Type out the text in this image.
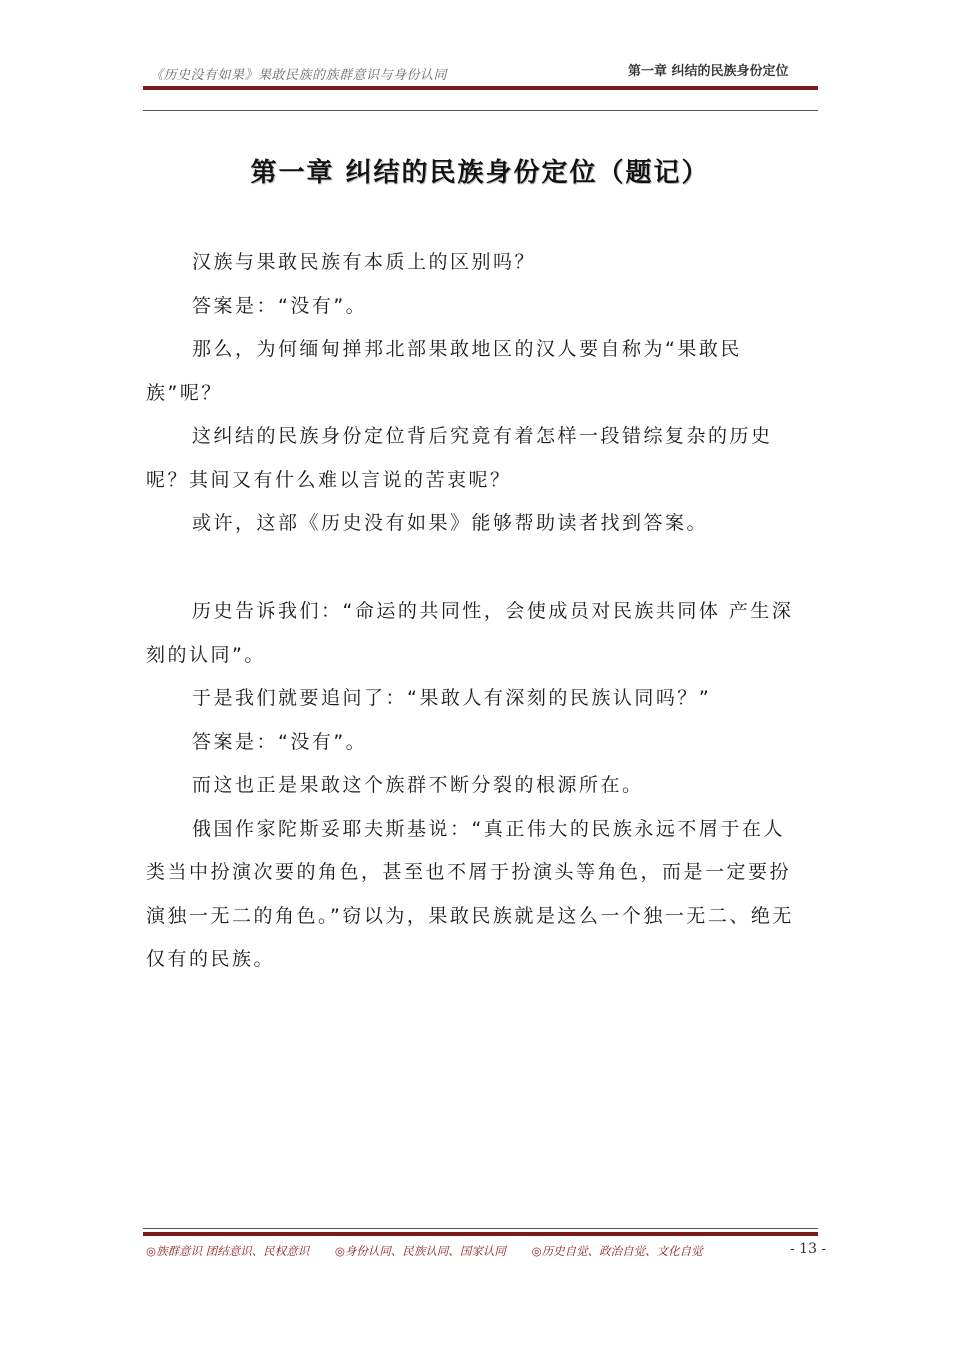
《历史没有如果》果敢民族的族群意识与身份认同	第一章 纠结的民族身份定位
第一章 纠结的民族身份定位（题记）

汉族与果敢民族有本质上的区别吗？

答案是：“没有”。

那么，为何缅甸掸邦北部果敢地区的汉人要自称为“果敢民族”呢？

这纠结的民族身份定位背后究竟有着怎样一段错综复杂的历史呢？其间又有什么难以言说的苦衷呢？

或许，这部《历史没有如果》能够帮助读者找到答案。

历史告诉我们：“命运的共同性，会使成员对民族共同体 产生深刻的认同”。

于是我们就要追问了：“果敢人有深刻的民族认同吗？”

答案是：“没有”。

而这也正是果敢这个族群不断分裂的根源所在。

俄国作家陀斯妥耶夫斯基说：“真正伟大的民族永远不屑于在人类当中扮演次要的角色，甚至也不屑于扮演头等角色，而是一定要扮演独一无二的角色。”窃以为，果敢民族就是这么一个独一无二、绝无仅有的民族。

◎族群意识 团结意识、民权意识 ◎身份认同、民族认同、国家认同 ◎历史自觉、政治自觉、文化自觉	- 13 -
